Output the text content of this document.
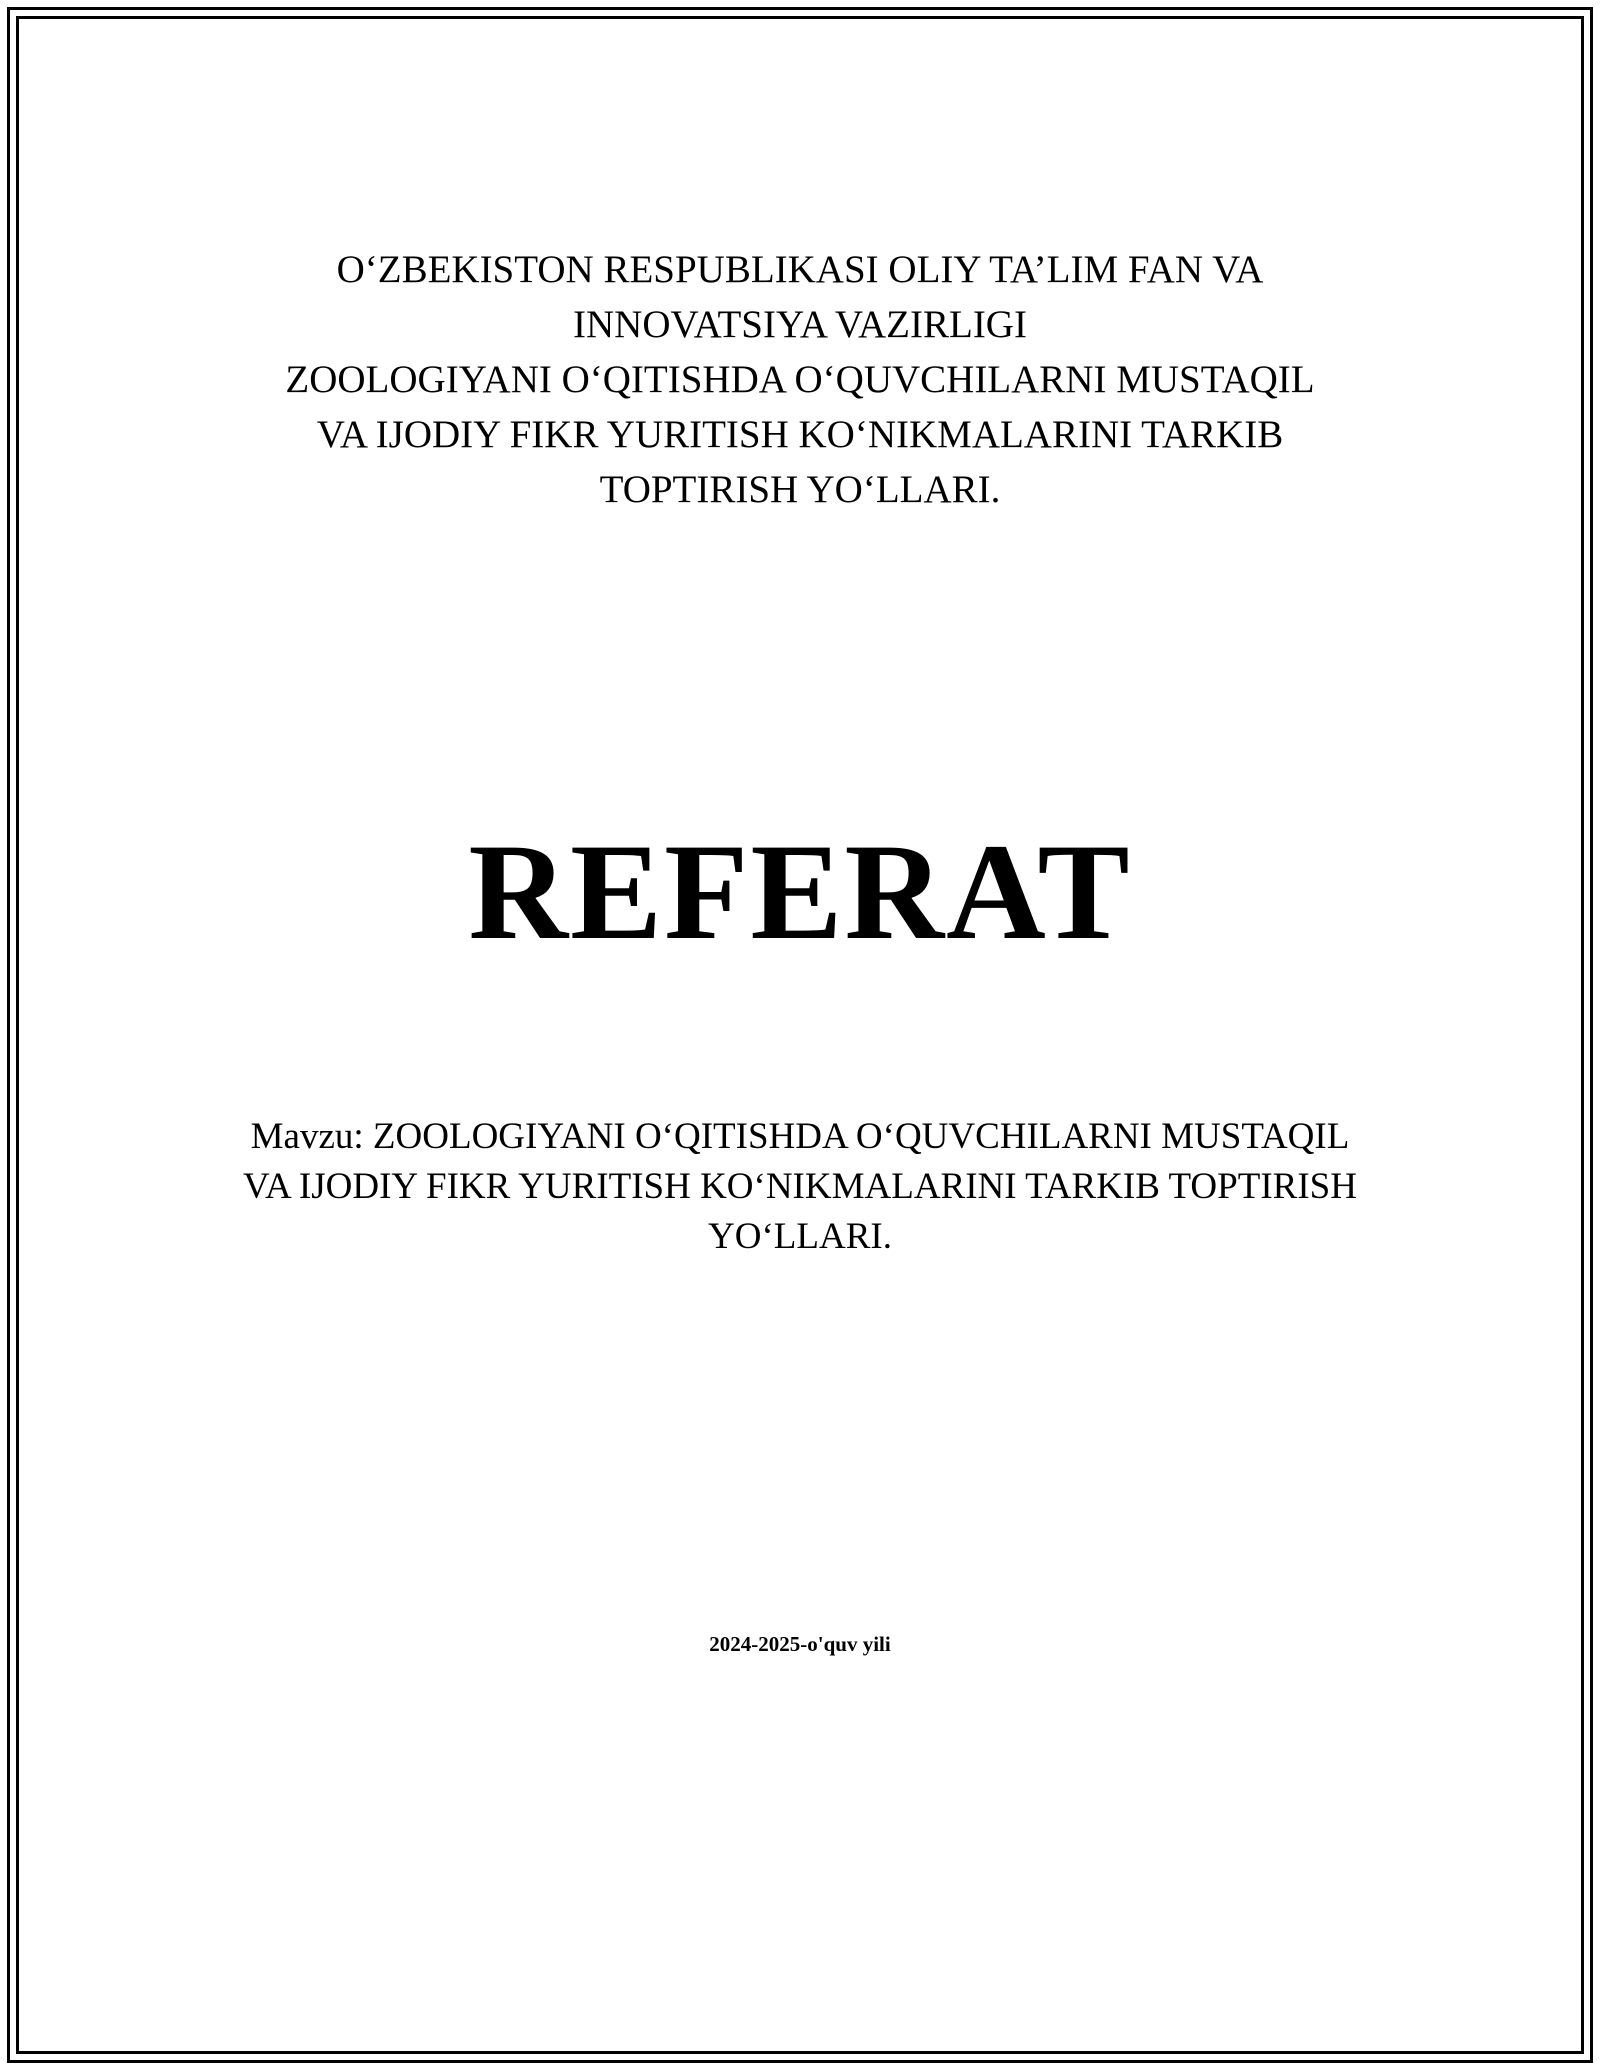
O‘ZBEKISTON RESPUBLIKASI OLIY TA’LIM FAN VA
INNOVATSIYA VAZIRLIGI
ZOOLOGIYANI O‘QITISHDA O‘QUVCHILARNI MUSTAQIL
VA IJODIY FIKR YURITISH KO‘NIKMALARINI TARKIB
TOPTIRISH YO‘LLARI.
REFERAT
Mavzu: ZOOLOGIYANI O‘QITISHDA O‘QUVCHILARNI MUSTAQIL
VA IJODIY FIKR YURITISH KO‘NIKMALARINI TARKIB TOPTIRISH
YO‘LLARI.
2024-2025-o'quv yili
